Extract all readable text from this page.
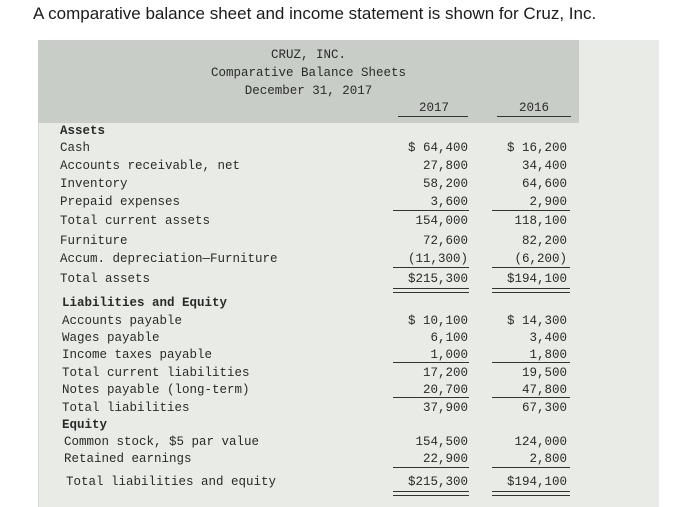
A comparative balance sheet and income statement is shown for Cruz, Inc.
CRUZ, INC.
Comparative Balance Sheets
December 31, 2017
2017	2016
Assets
Cash	$ 64,400	$ 16,200
Accounts receivable, net	27,800	34,400
Inventory	58,200	64,600
Prepaid expenses	3,600	2,900
Total current assets	154,000	118,100
Furniture	72,600	82,200
Accum. depreciation—Furniture	(11,300)	(6,200)
Total assets	$215,300	$194,100
Liabilities and Equity
Accounts payable	$ 10,100	$ 14,300
Wages payable	6,100	3,400
Income taxes payable	1,000	1,800
Total current liabilities	17,200	19,500
Notes payable (long-term)	20,700	47,800
Total liabilities	37,900	67,300
Equity
Common stock, $5 par value	154,500	124,000
Retained earnings	22,900	2,800
Total liabilities and equity	$215,300	$194,100
